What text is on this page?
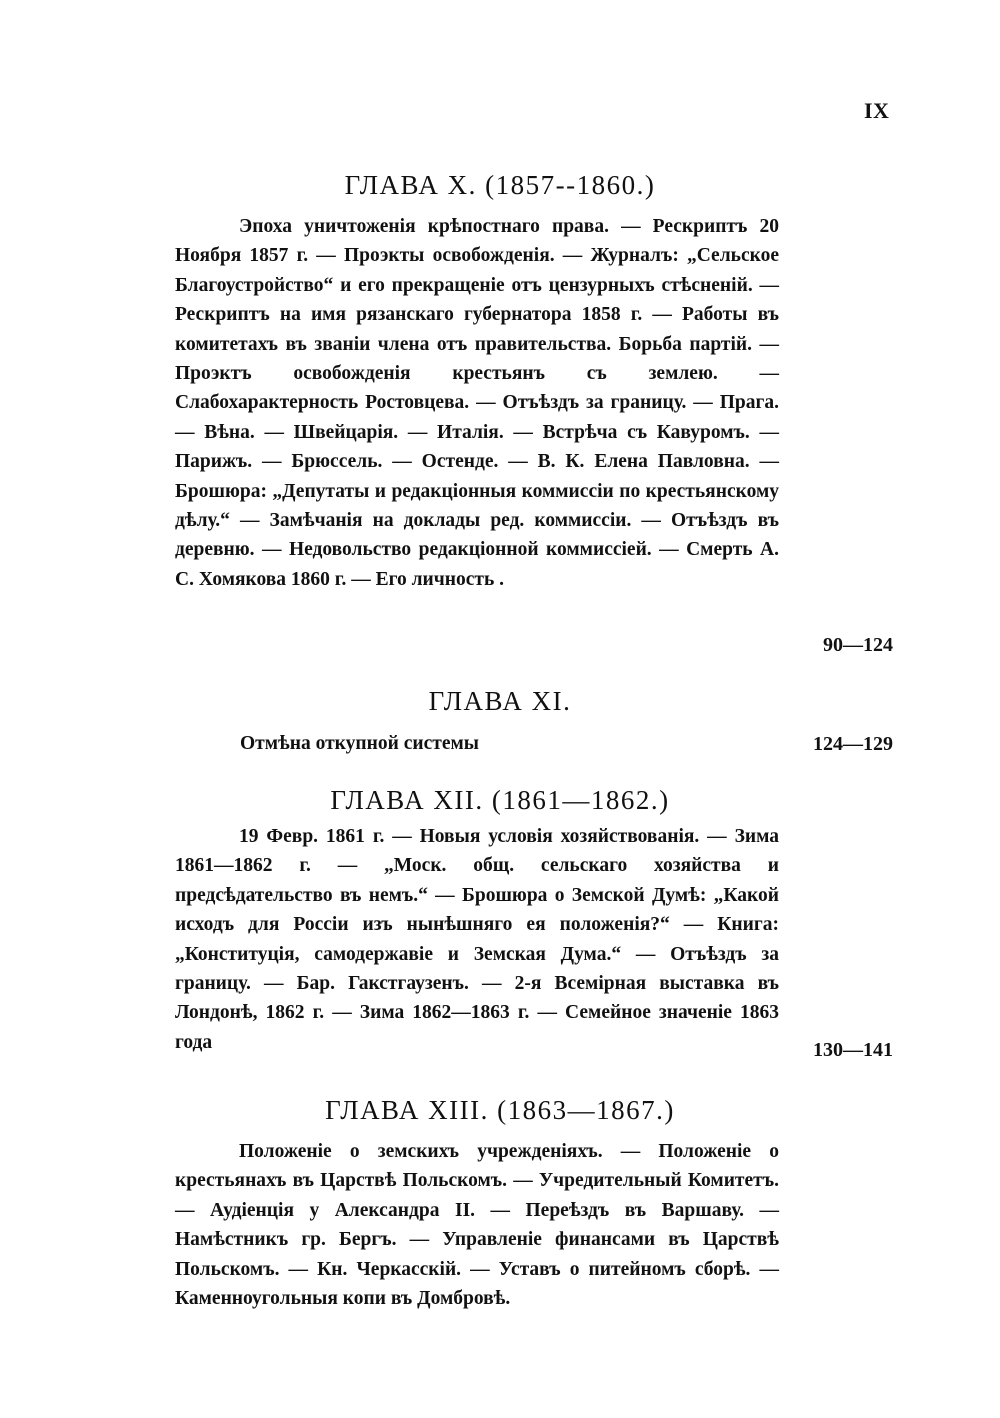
IX
ГЛАВА X. (1857--1860.)

Эпоха уничтоженія крѣпостнаго права. — Рескриптъ 20 Ноября 1857 г. — Проэкты освобожденія. — Журналъ: „Сельское Благоустройство“ и его прекращеніе отъ цензурныхъ стѣсненій. — Рескриптъ на имя рязанскаго губернатора 1858 г. — Работы въ комитетахъ въ званіи члена отъ правительства. Борьба партій. — Проэктъ освобожденія крестьянъ съ землею. — Слабохарактерность Ростовцева. — Отъѣздъ за границу. — Прага. — Вѣна. — Швейцарія. — Италія. — Встрѣча съ Кавуромъ. — Парижъ. — Брюссель. — Остенде. — В. К. Елена Павловна. — Брошюра: „Депутаты и редакціонныя коммиссіи по крестьянскому дѣлу.“ — Замѣчанія на доклады ред. коммиссіи. — Отъѣздъ въ деревню. — Недовольство редакціонной коммиссіей. — Смерть А. С. Хомякова 1860 г. — Его личность .

90—124
ГЛАВА XI.
Отмѣна откупной системы	124—129
ГЛАВА XII. (1861—1862.)

19 Февр. 1861 г. — Новыя условія хозяйствованія. — Зима 1861—1862 г. — „Моск. общ. сельскаго хозяйства и предсѣдательство въ немъ.“ — Брошюра о Земской Думѣ: „Какой исходъ для Россіи изъ нынѣшняго ея положенія?“ — Книга: „Конституція, самодержавіе и Земская Дума.“ — Отъѣздъ за границу. — Бар. Гакстгаузенъ. — 2-я Всемірная выставка въ Лондонѣ, 1862 г. — Зима 1862—1863 г. — Семейное значеніе 1863 года	130—141
ГЛАВА XIII. (1863—1867.)

Положеніе о земскихъ учрежденіяхъ. — Положеніе о крестьянахъ въ Царствѣ Польскомъ. — Учредительный Комитетъ. — Аудіенція у Александра II. — Переѣздъ въ Варшаву. — Намѣстникъ гр. Бергъ. — Управленіе финансами въ Царствѣ Польскомъ. — Кн. Черкасскій. — Уставъ о питейномъ сборѣ. — Каменноугольныя копи въ Домбровѣ.
